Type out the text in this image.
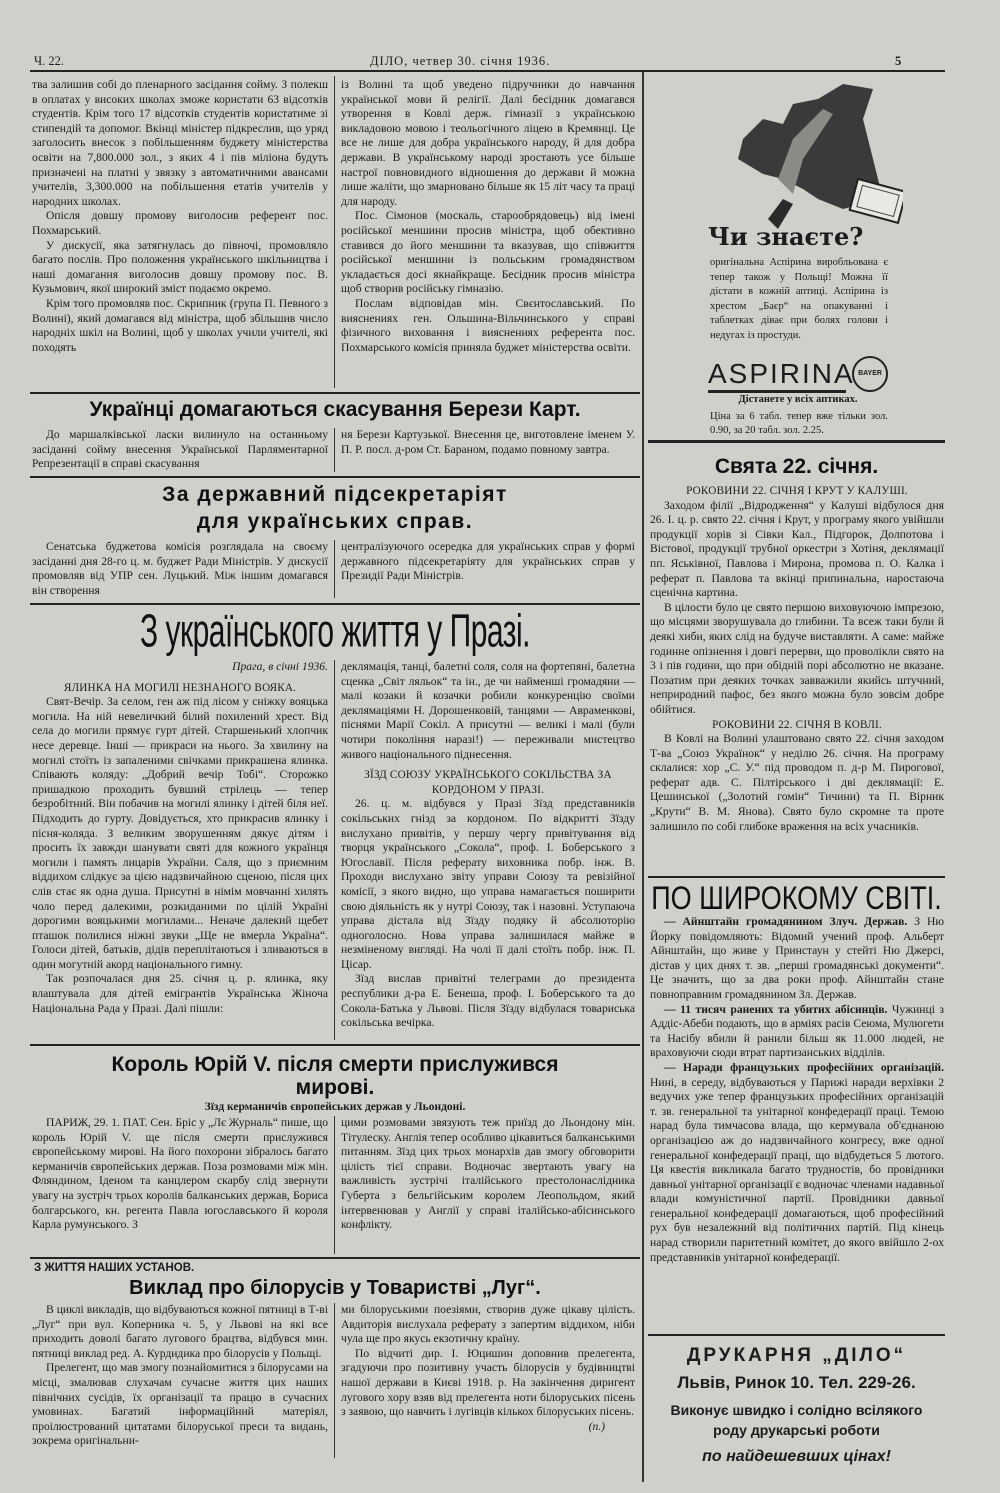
Ч. 22.	ДІЛО, четвер 30. січня 1936.	5

тва залишив собі до пленарного засідання сойму. З полекш в оплатах у високих школах зможе користати 63 відсотків студентів. Крім того 17 відсотків студентів користатиме зі стипендій та допомог. Вкінці міністер підкреслив, що уряд заголосить внесок з побільшенням буджету міністерства освіти на 7,800.000 зол., з яких 4 і пів міліона будуть призначені на платні у звязку з автоматичними авансами учителів, 3,300.000 на побільшення етатів учителів у народних школах.

Опісля довшу промову виголосив референт пос. Похмарський.

У дискусії, яка затягнулась до півночі, промовляло багато послів. Про положення українського шкільництва і наші домагання виголосив довшу промову пос. В. Кузьмович, якої широкий зміст подаємо окремо.

Крім того промовляв пос. Скрипник (група П. Певного з Волині), який домагався від міністра, щоб збільшив число народніх шкіл на Волині, щоб у школах учили учителі, які походять

із Волині та щоб уведено підручники до навчання української мови й релігії. Далі бесідник домагався утворення в Ковлі держ. гімназії з українською викладовою мовою і теольогічного ліцею в Кремянці. Це все не лише для добра українського народу, й для добра держави. В українському народі зростають усе більше настрої повновидного відношення до держави й можна лише жаліти, що змарновано більше як 15 літ часу та праці для народу.

Пос. Сімонов (москаль, старообрядовець) від імені російської меншини просив міністра, щоб обективно ставився до його меншини та вказував, що співжиття російської меншини із польським громадянством укладається досі якнайкраще. Бесідник просив міністра щоб створив російську гімназію.

Послам відповідав мін. Свєнтославський. По вияснениях ген. Ольшина-Вільчинського у справі фізичного виховання і вияснениях референта пос. Похмарського комісія приняла буджет міністерства освіти.

Українці домагаються скасування Берези Карт.

До маршалківської ласки вилинуло на останньому засіданні сойму внесення Української Парляментарної Репрезентації в справі скасування

ня Берези Картузької. Внесення це, виготовлене іменем У. П. Р. посл. д-ром Ст. Бараном, подамо повному завтра.

За державний підсекретаріят
для українських справ.

Сенатська буджетова комісія розглядала на своєму засіданні дня 28-го ц. м. буджет Ради Міністрів. У дискусії промовляв від УПР сен. Луцький. Між іншим домагався він створення

централізуючого осередка для українських справ у формі державного підсекретаріяту для українських справ у Президії Ради Міністрів.

З українського життя у Празі.

Прага, в січні 1936.

ЯЛИНКА НА МОГИЛІ НЕЗНАНОГО ВОЯКА.

Свят-Вечір. За селом, ген аж під лісом у сніжку вояцька могила. На ній невеличкий білий похилений хрест. Від села до могили прямує гурт дітей. Старшенький хлопчик несе деревце. Інші — прикраси на нього. За хвилину на могилі стоїть із запаленими свічками прикрашена ялинка. Співають коляду: „Добрий вечір Тобі“. Сторожко пришадкою проходить бувший стрілець — тепер безробітний. Він побачив на могилі ялинку і дітей біля неї. Підходить до гурту. Довідується, хто прикрасив ялинку і пісня-коляда. З великим зворушенням дякує дітям і просить їх завжди шанувати святі для кожного українця могили і память лицарів України. Саля, що з приємним віддихом слідкує за цією надзвичайною сценою, після цих слів стає як одна душа. Присутні в німім мовчанні хилять чоло перед далекими, розкиданими по цілій Україні дорогими вояцькими могилами... Неначе далекий щебет пташок полилися ніжні звуки „Ще не вмерла Україна“. Голоси дітей, батьків, дідів переплітаються і зливаються в один могутній акорд національного гимну.

Так розпочалася дня 25. січня ц. р. ялинка, яку влаштувала для дітей емігрантів Українська Жіноча Національна Рада у Празі. Далі пішли:

деклямація, танці, балетні соля, соля на фортепяні, балетна сценка „Світ ляльок“ та ін., де чи найменші громадяни — малі козаки й козачки робили конкуренцію своїми деклямаціями Н. Дорошенковій, танцями — Авраменкові, піснями Марії Сокіл. А присутні — великі і малі (були чотири покоління наразі!) — переживали мистецтво живого національного піднесення.

ЗЇЗД СОЮЗУ УКРАЇНСЬКОГО СОКІЛЬСТВА ЗА КОРДОНОМ У ПРАЗІ.

26. ц. м. відбувся у Празі Зїзд представників сокільських гнізд за кордоном. По відкритті Зїзду вислухано привітів, у першу чергу привітування від творця українського „Сокола“, проф. І. Боберського з Югославії. Після реферату виховника побр. інж. В. Проходи вислухано звіту управи Союзу та ревізійної комісії, з якого видно, що управа намагається поширити свою діяльність як у нутрі Союзу, так і назовні. Уступаюча управа дістала від Зїзду подяку й абсолюторію одноголосно. Нова управа залишилася майже в незміненому вигляді. На чолі її далі стоїть побр. інж. П. Цісар.

Зїзд вислав привітні телеграми до президента республики д-ра Е. Бенеша, проф. І. Боберського та до Сокола-Батька у Львові. Після Зїзду відбулася товариська сокільська вечірка.

Чи знаєте?
оригінальна Аспірина виробльована є тепер також у Польщі! Можна її дістати в кожній аптиці. Аспірина із хрестом „Баєр“ на опакуванні і таблетках діває при болях голови і недугах із простуди.
ASPIRINA BAYER
Дістанете у всіх аптиках.
Ціна за 6 табл. тепер вже тільки зол. 0.90, за 20 табл. зол. 2.25.
Свята 22. січня.

РОКОВИНИ 22. СІЧНЯ І КРУТ У КАЛУШІ.

Заходом філії „Відродження“ у Калуші відбулося дня 26. І. ц. р. свято 22. січня і Крут, у програму якого увійшли продукції хорів зі Сівки Кал., Підгорок, Долпотова і Вістової, продукції трубної оркестри з Хотіня, деклямації пп. Яськівної, Павлова і Мирона, промова п. О. Калка і реферат п. Павлова та вкінці припинальна, наростаюча сценічна картина.

В цілости було це свято першою виховуючою імпрезою, що місцями зворушувала до глибини. Та всеж таки були й деякі хиби, яких слід на будуче виставляти. А саме: майже годинне опізнення і довгі перерви, що проволікли свято на 3 і пів години, що при обідній порі абсолютно не вказане. Позатим при деяких точках завважили якийсь штучний, неприродний пафос, без якого можна було зовсім добре обійтися.

РОКОВИНИ 22. СІЧНЯ В КОВЛІ.

В Ковлі на Волині улаштовано свято 22. січня заходом Т-ва „Союз Українок“ у неділю 26. січня. На програму склалися: хор „С. У.“ під проводом п. д-р М. Пирогової, реферат адв. С. Пілтірського і дві деклямації: Е. Цешинської („Золотий гомін“ Тичини) та П. Вірник „Крути“ В. М. Янова). Свято було скромне та проте залишило по собі глибоке враження на всіх учасників.

ПО ШИРОКОМУ СВІТІ.

— Айнштайн громадянином Злуч. Держав. З Ню Йорку повідомляють: Відомий учений проф. Альберт Айнштайн, що живе у Принстаун у стейті Ню Джерсі, дістав у цих днях т. зв. „перші громадянські документи“. Це значить, що за два роки проф. Айнштайн стане повноправним громадянином Зл. Держав.

— 11 тисяч ранених та убитих абісинців. Чужинці з Аддіс-Абеби подають, що в арміях расів Сеюма, Мулюгети та Насібу вбили й ранили більш як 11.000 людей, не враховуючи сюди втрат партизанських відділів.

— Наради французьких професійних організацій. Нині, в середу, відбуваються у Парижі наради верхівки 2 ведучих уже тепер французьких професійних організацій т. зв. генеральної та унітарної конфедерації праці. Темою нарад була тимчасова влада, що кермувала об'єднаною організацією аж до надзвичайного конгресу, вже одної генеральної конфедерації праці, що відбудеться 5 лютого. Ця квестія викликала багато трудностів, бо провідники давньої унітарної організації є водночас членами надавньої влади комуністичної партії. Провідники давньої генеральної конфедерації домагаються, щоб професійний рух був незалежний від політичних партій. Під кінець нарад створили паритетний комітет, до якого ввійшло 2-ох представників унітарної конфедерації.

ДРУКАРНЯ „ДІЛО“
Львів, Ринок 10. Тел. 229-26.
Виконує швидко і солідно всілякого
роду друкарські роботи
по найдешевших цінах!
Король Юрій V. після смерти прислужився
мирові.
Зїзд керманичів європейських держав у Льондоні.

ПАРИЖ, 29. 1. ПАТ. Сен. Бріс у „Лє Журналь“ пише, що король Юрій V. ще після смерти прислужився європейському мирові. На його похорони зібралось багато керманичів європейських держав. Поза розмовами між мін. Фляндином, Іденом та канцлером скарбу слід звернути увагу на зустріч трьох королів балканських держав, Бориса болгарського, кн. регента Павла югославського й короля Карла румунського. З

цими розмовами звязують теж приїзд до Льондону мін. Тітулеску. Англія тепер особливо цікавиться балканськими питанням. Зїзд цих трьох монархів дав змогу обговорити цілість тієї справи. Водночас звертають увагу на важливість зустрічі італійського престолонаслідника Губерта з бельгійським королем Леопольдом, який інтервенював у Англії у справі італійсько-абісинського конфлікту.

З ЖИТТЯ НАШИХ УСТАНОВ.
Виклад про білорусів у Товаристві „Луг“.

В циклі викладів, що відбуваються кожної пятниці в Т-ві „Луг“ при вул. Коперника ч. 5, у Львові на які все приходить доволі багато лугового брацтва, відбувся мин. пятниці виклад ред. А. Курдидика про білорусів у Польщі.

Прелегент, що мав змогу познайомитися з білорусами на місці, змалював слухачам сучасне життя цих наших північних сусідів, їх організації та працю в сучасних умовинах. Багатий інформаційний матеріял, проілюстрований цитатами білоруської преси та видань, зокрема оригінальни-

ми білоруськими поезіями, створив дуже цікаву цілість. Авдиторія вислухала реферату з запертим віддихом, ніби чула ще про якусь екзотичну країну.

По відчиті дир. І. Юцишин доповнив прелегента, згадуючи про позитивну участь білорусів у будівництві нашої держави в Києві 1918. р. На закінчення диригент лугового хору взяв від прелегента ноти білоруських пісень з заявою, що навчить і лугівців кількох білоруських пісень.

(п.)
